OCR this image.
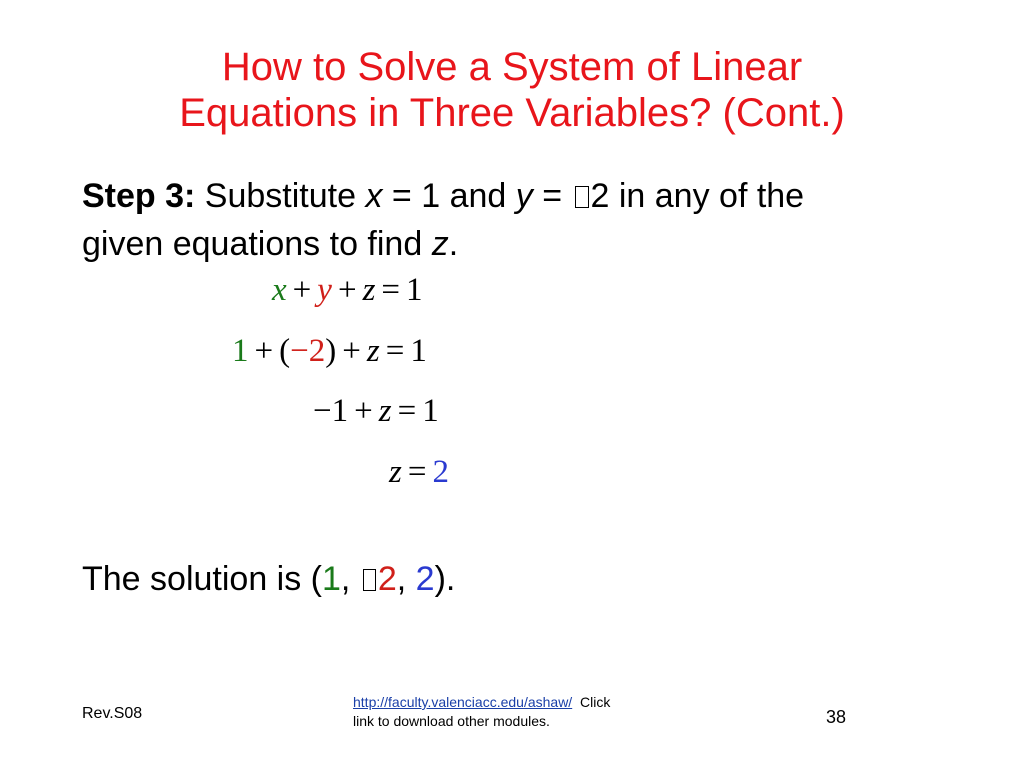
How to Solve a System of Linear
Equations in Three Variables? (Cont.)
Step 3: Substitute x = 1 and y = 2 in any of the
given equations to find z.
x + y + z = 1
1 + (−2) + z = 1
−1 + z = 1
z = 2
The solution is (1, 2, 2).
Rev.S08
http://faculty.valenciacc.edu/ashaw/  Click
link to download other modules.	38
